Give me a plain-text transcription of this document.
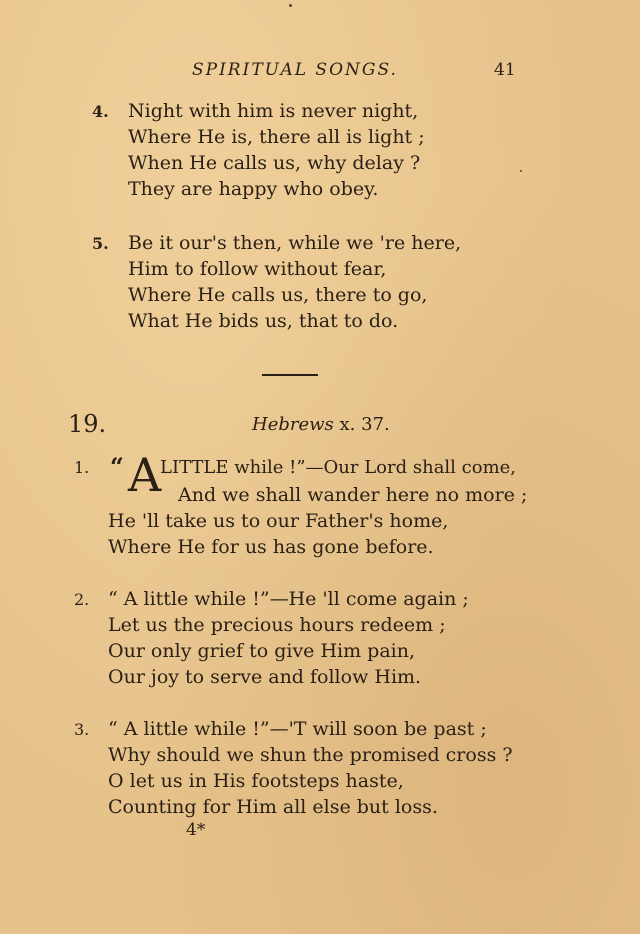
SPIRITUAL SONGS.	41
4. Night with him is never night,
Where He is, there all is light ;
When He calls us, why delay ?
They are happy who obey.
5. Be it our's then, while we 're here,
Him to follow without fear,
Where He calls us, there to go,
What He bids us, that to do.
19.	Hebrews x. 37.
1. “ A
LITTLE while !”—Our Lord shall come,
And we shall wander here no more ;
He 'll take us to our Father's home,
Where He for us has gone before.
2. “ A little while !”—He 'll come again ;
Let us the precious hours redeem ;
Our only grief to give Him pain,
Our joy to serve and follow Him.
3. “ A little while !”—'T will soon be past ;
Why should we shun the promised cross ?
O let us in His footsteps haste,
Counting for Him all else but loss.
4*
